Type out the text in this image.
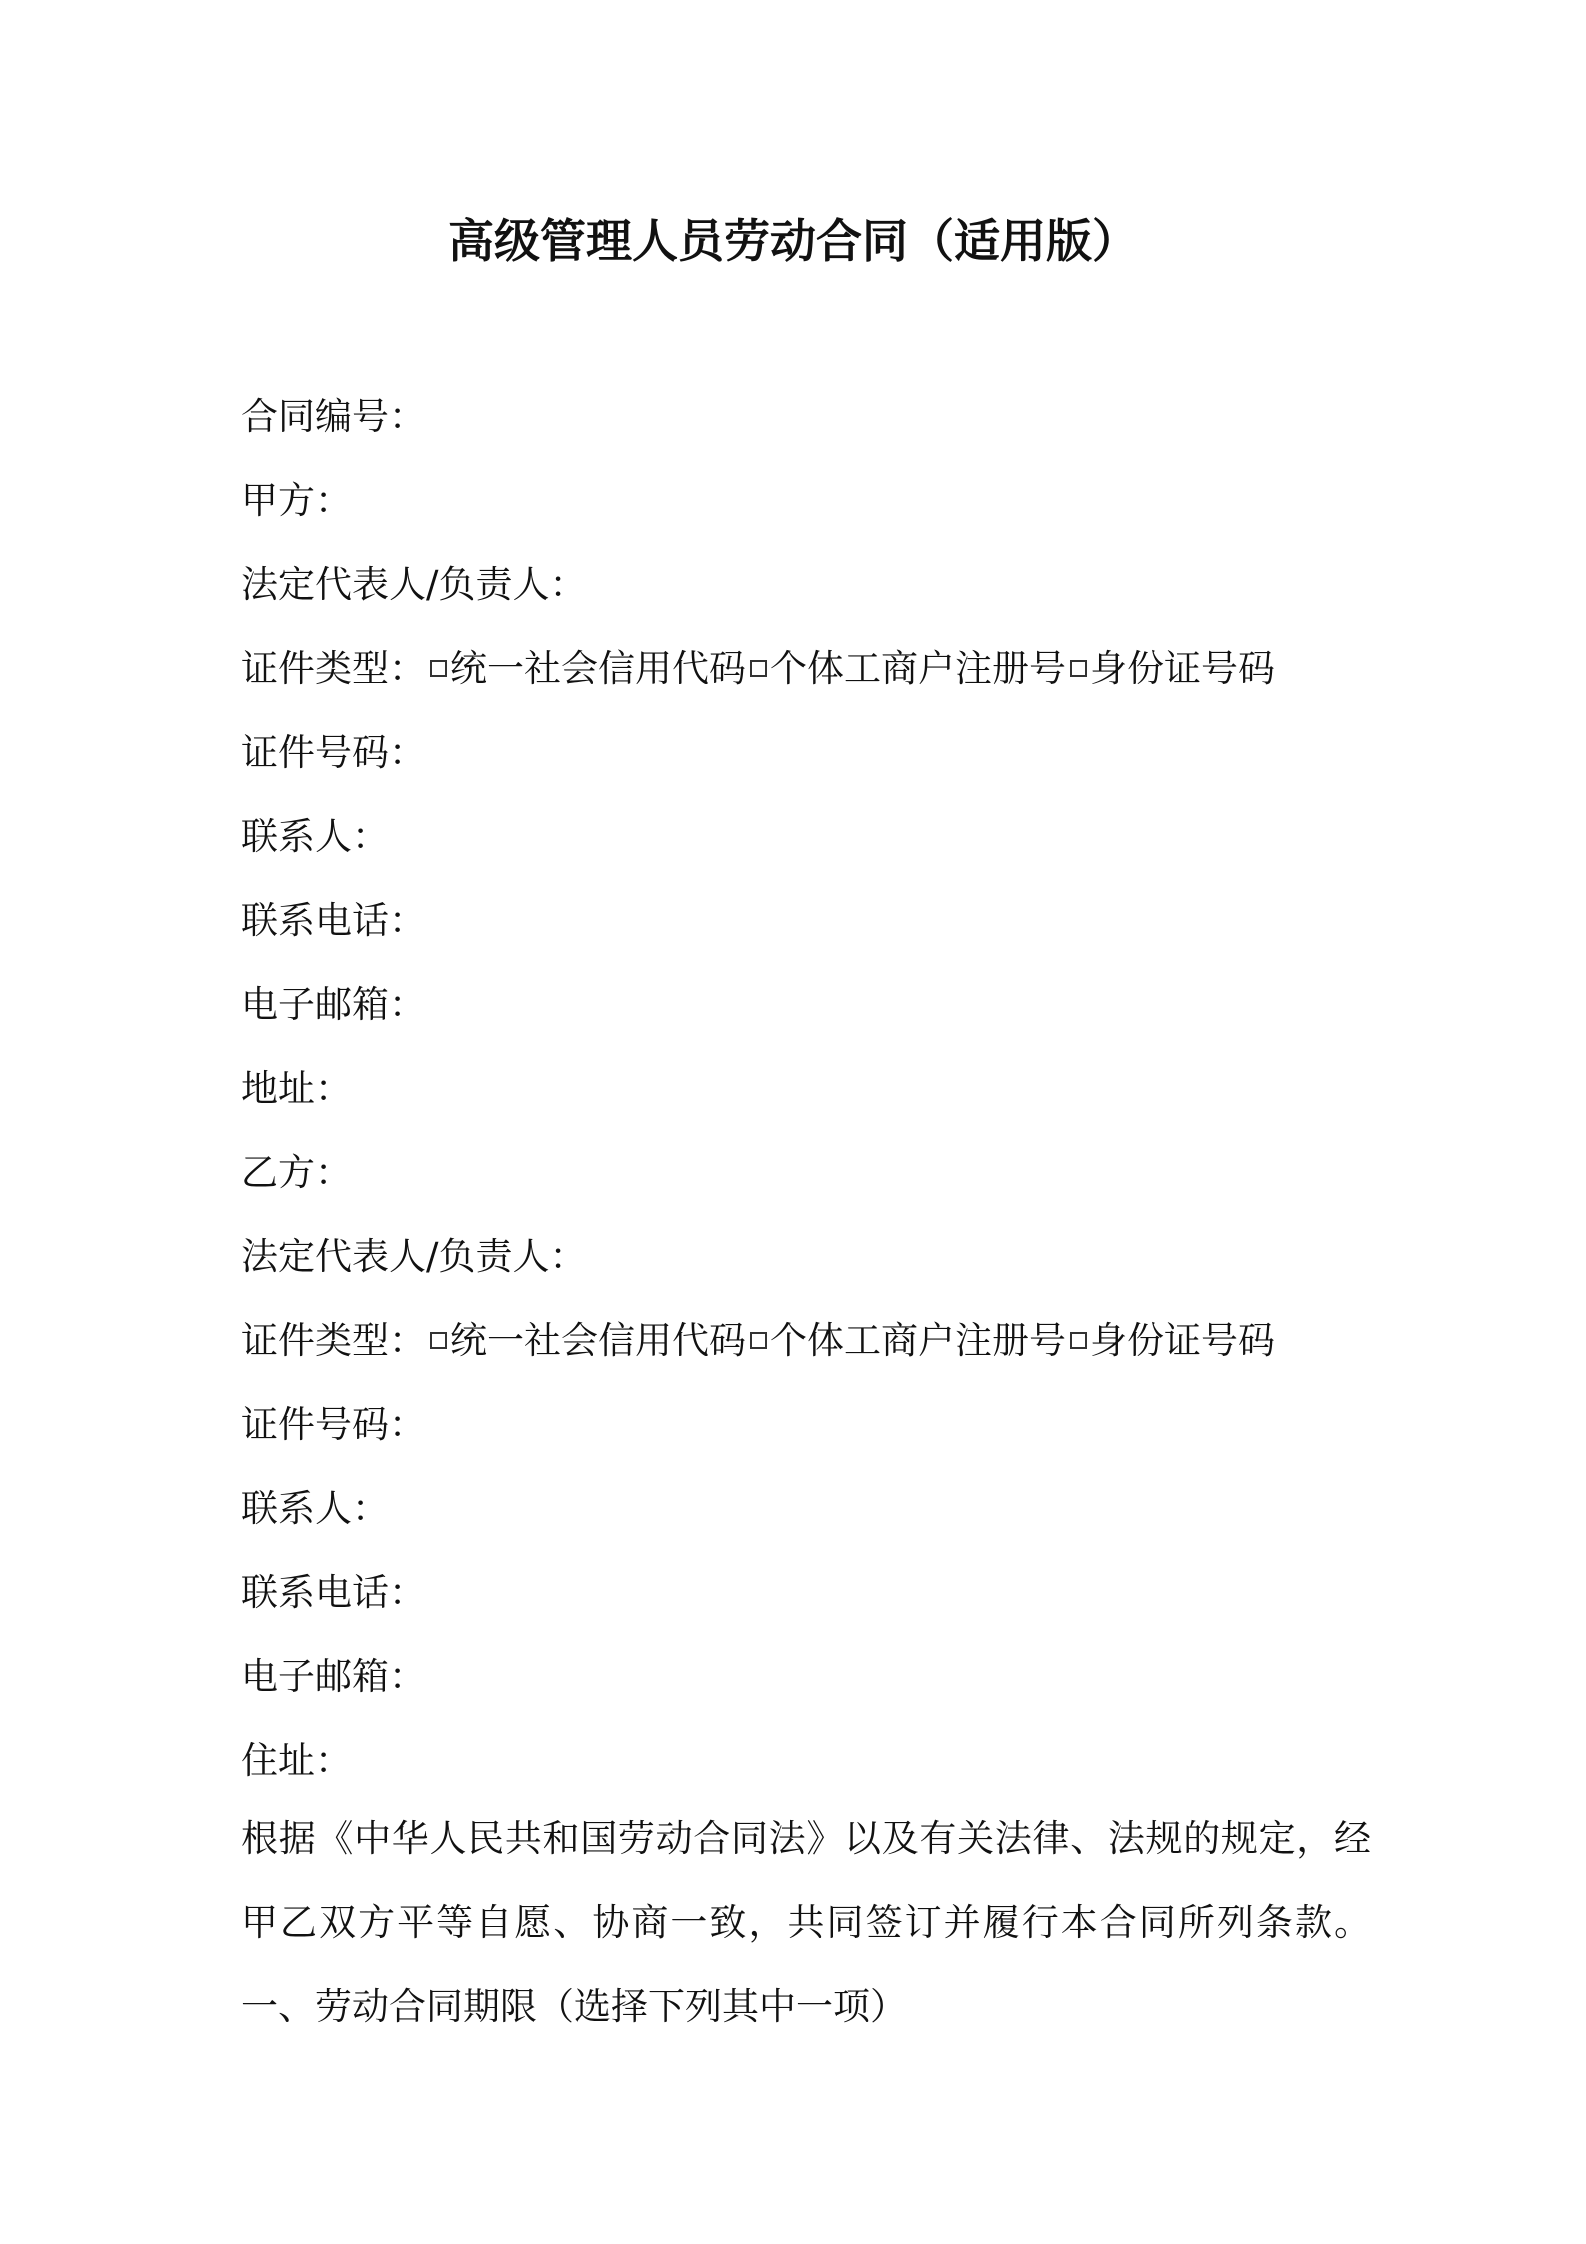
高级管理人员劳动合同（适用版）
合同编号：
甲方：
法定代表人/负责人：
证件类型： 统一社会信用代码 个体工商户注册号 身份证号码
证件号码：
联系人：
联系电话：
电子邮箱：
地址：
乙方：
法定代表人/负责人：
证件类型： 统一社会信用代码 个体工商户注册号 身份证号码
证件号码：
联系人：
联系电话：
电子邮箱：
住址：
根据《中华人民共和国劳动合同法》以及有关法律、法规的规定，经甲乙双方平等自愿、协商一致，共同签订并履行本合同所列条款。一、劳动合同期限（选择下列其中一项）
